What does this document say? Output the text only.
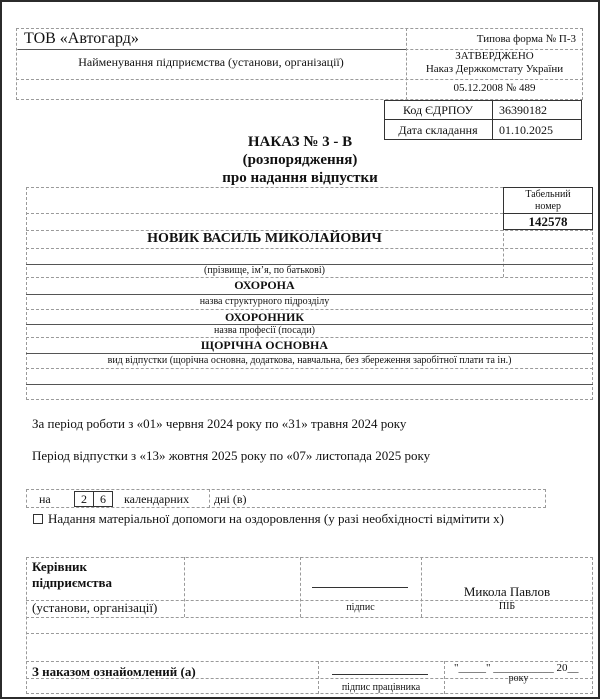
ТОВ «Автогард»
Найменування підприємства (установи, організації)
Типова форма № П-3
ЗАТВЕРДЖЕНО
Наказ Держкомстату України
05.12.2008 № 489
Код ЄДРПОУ	36390182
Дата складання	01.10.2025
НАКАЗ № 3 - В
(розпорядження)
про надання відпустки
Табельний
номер
142578
НОВИК ВАСИЛЬ МИКОЛАЙОВИЧ
(прізвище, ім’я, по батькові)
ОХОРОНА
назва структурного підрозділу
ОХОРОННИК
назва професії (посади)
ЩОРІЧНА ОСНОВНА
вид відпустки (щорічна основна, додаткова, навчальна, без збереження заробітної плати та ін.)
За період роботи з «01» червня 2024 року по «31» травня 2024 року
Період відпустки з «13» жовтня 2025 року по «07» листопада 2025 року
на	2	6	календарних дні (в)
Надання матеріальної допомоги на оздоровлення (у разі необхідності відмітити х)
Керівник
підприємства
(установи, організації)	підпис
Микола Павлов
ПІБ
З наказом ознайомлений (а)
підпис працівника
"_____" ___________ 20__
року
